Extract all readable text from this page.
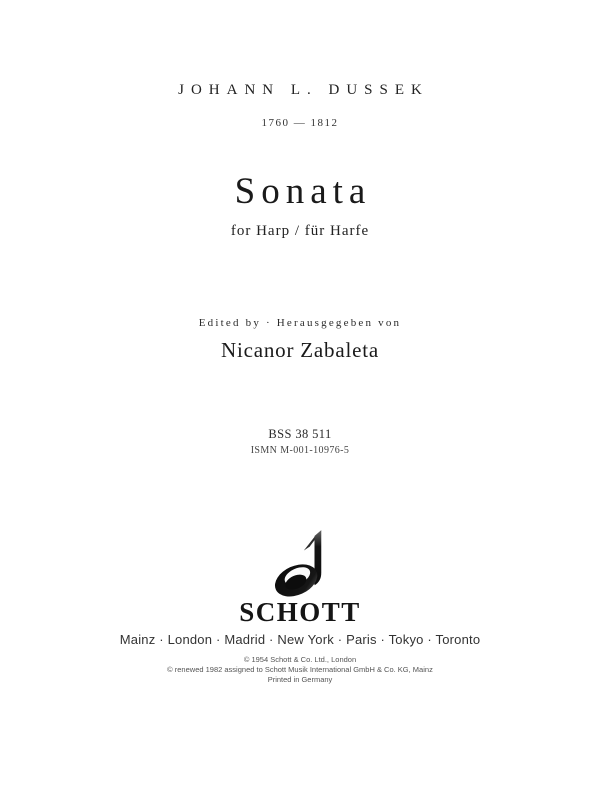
JOHANN L. DUSSEK
1760 — 1812
Sonata
for Harp / für Harfe
Edited by · Herausgegeben von
Nicanor Zabaleta
BSS 38 511
ISMN M-001-10976-5
SCHOTT
Mainz · London · Madrid · New York · Paris · Tokyo · Toronto
© 1954 Schott & Co. Ltd., London
© renewed 1982 assigned to Schott Musik International GmbH & Co. KG, Mainz
Printed in Germany
